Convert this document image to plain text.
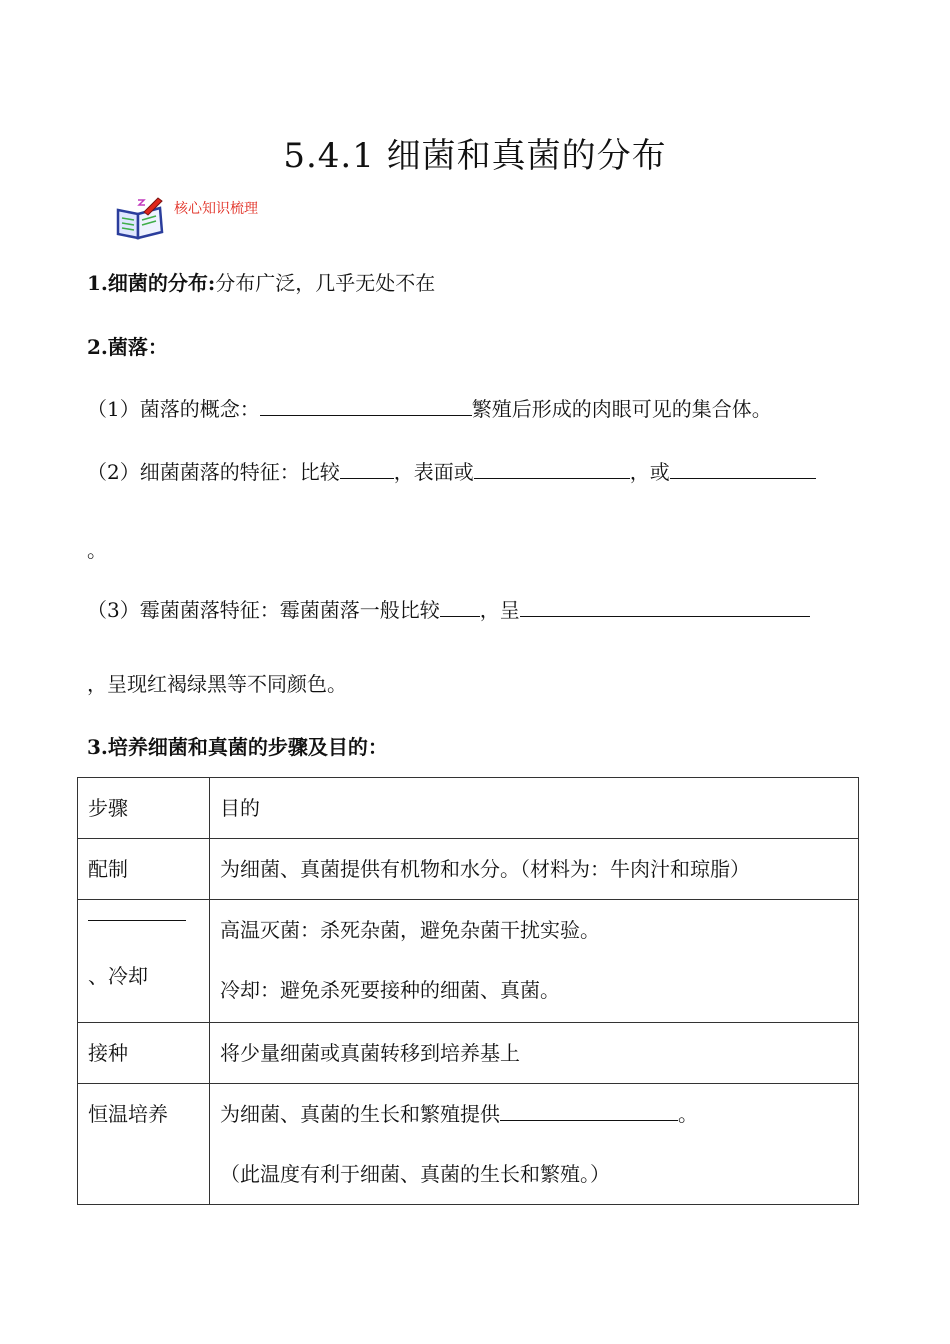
5.4.1 细菌和真菌的分布
核心知识梳理
1.细菌的分布:分布广泛，几乎无处不在
2.菌落：
（1）菌落的概念：	繁殖后形成的肉眼可见的集合体。
（2）细菌菌落的特征：比较	，表面或	，或
。
（3）霉菌菌落特征：霉菌菌落一般比较 ，呈
，呈现红褐绿黑等不同颜色。
3.培养细菌和真菌的步骤及目的：
步骤	目的

配制	为细菌、真菌提供有机物和水分。（材料为：牛肉汁和琼脂）

、冷却	高温灭菌：杀死杂菌，避免杂菌干扰实验。
冷却：避免杀死要接种的细菌、真菌。

接种	将少量细菌或真菌转移到培养基上

恒温培养	为细菌、真菌的生长和繁殖提供 。
（此温度有利于细菌、真菌的生长和繁殖。）
